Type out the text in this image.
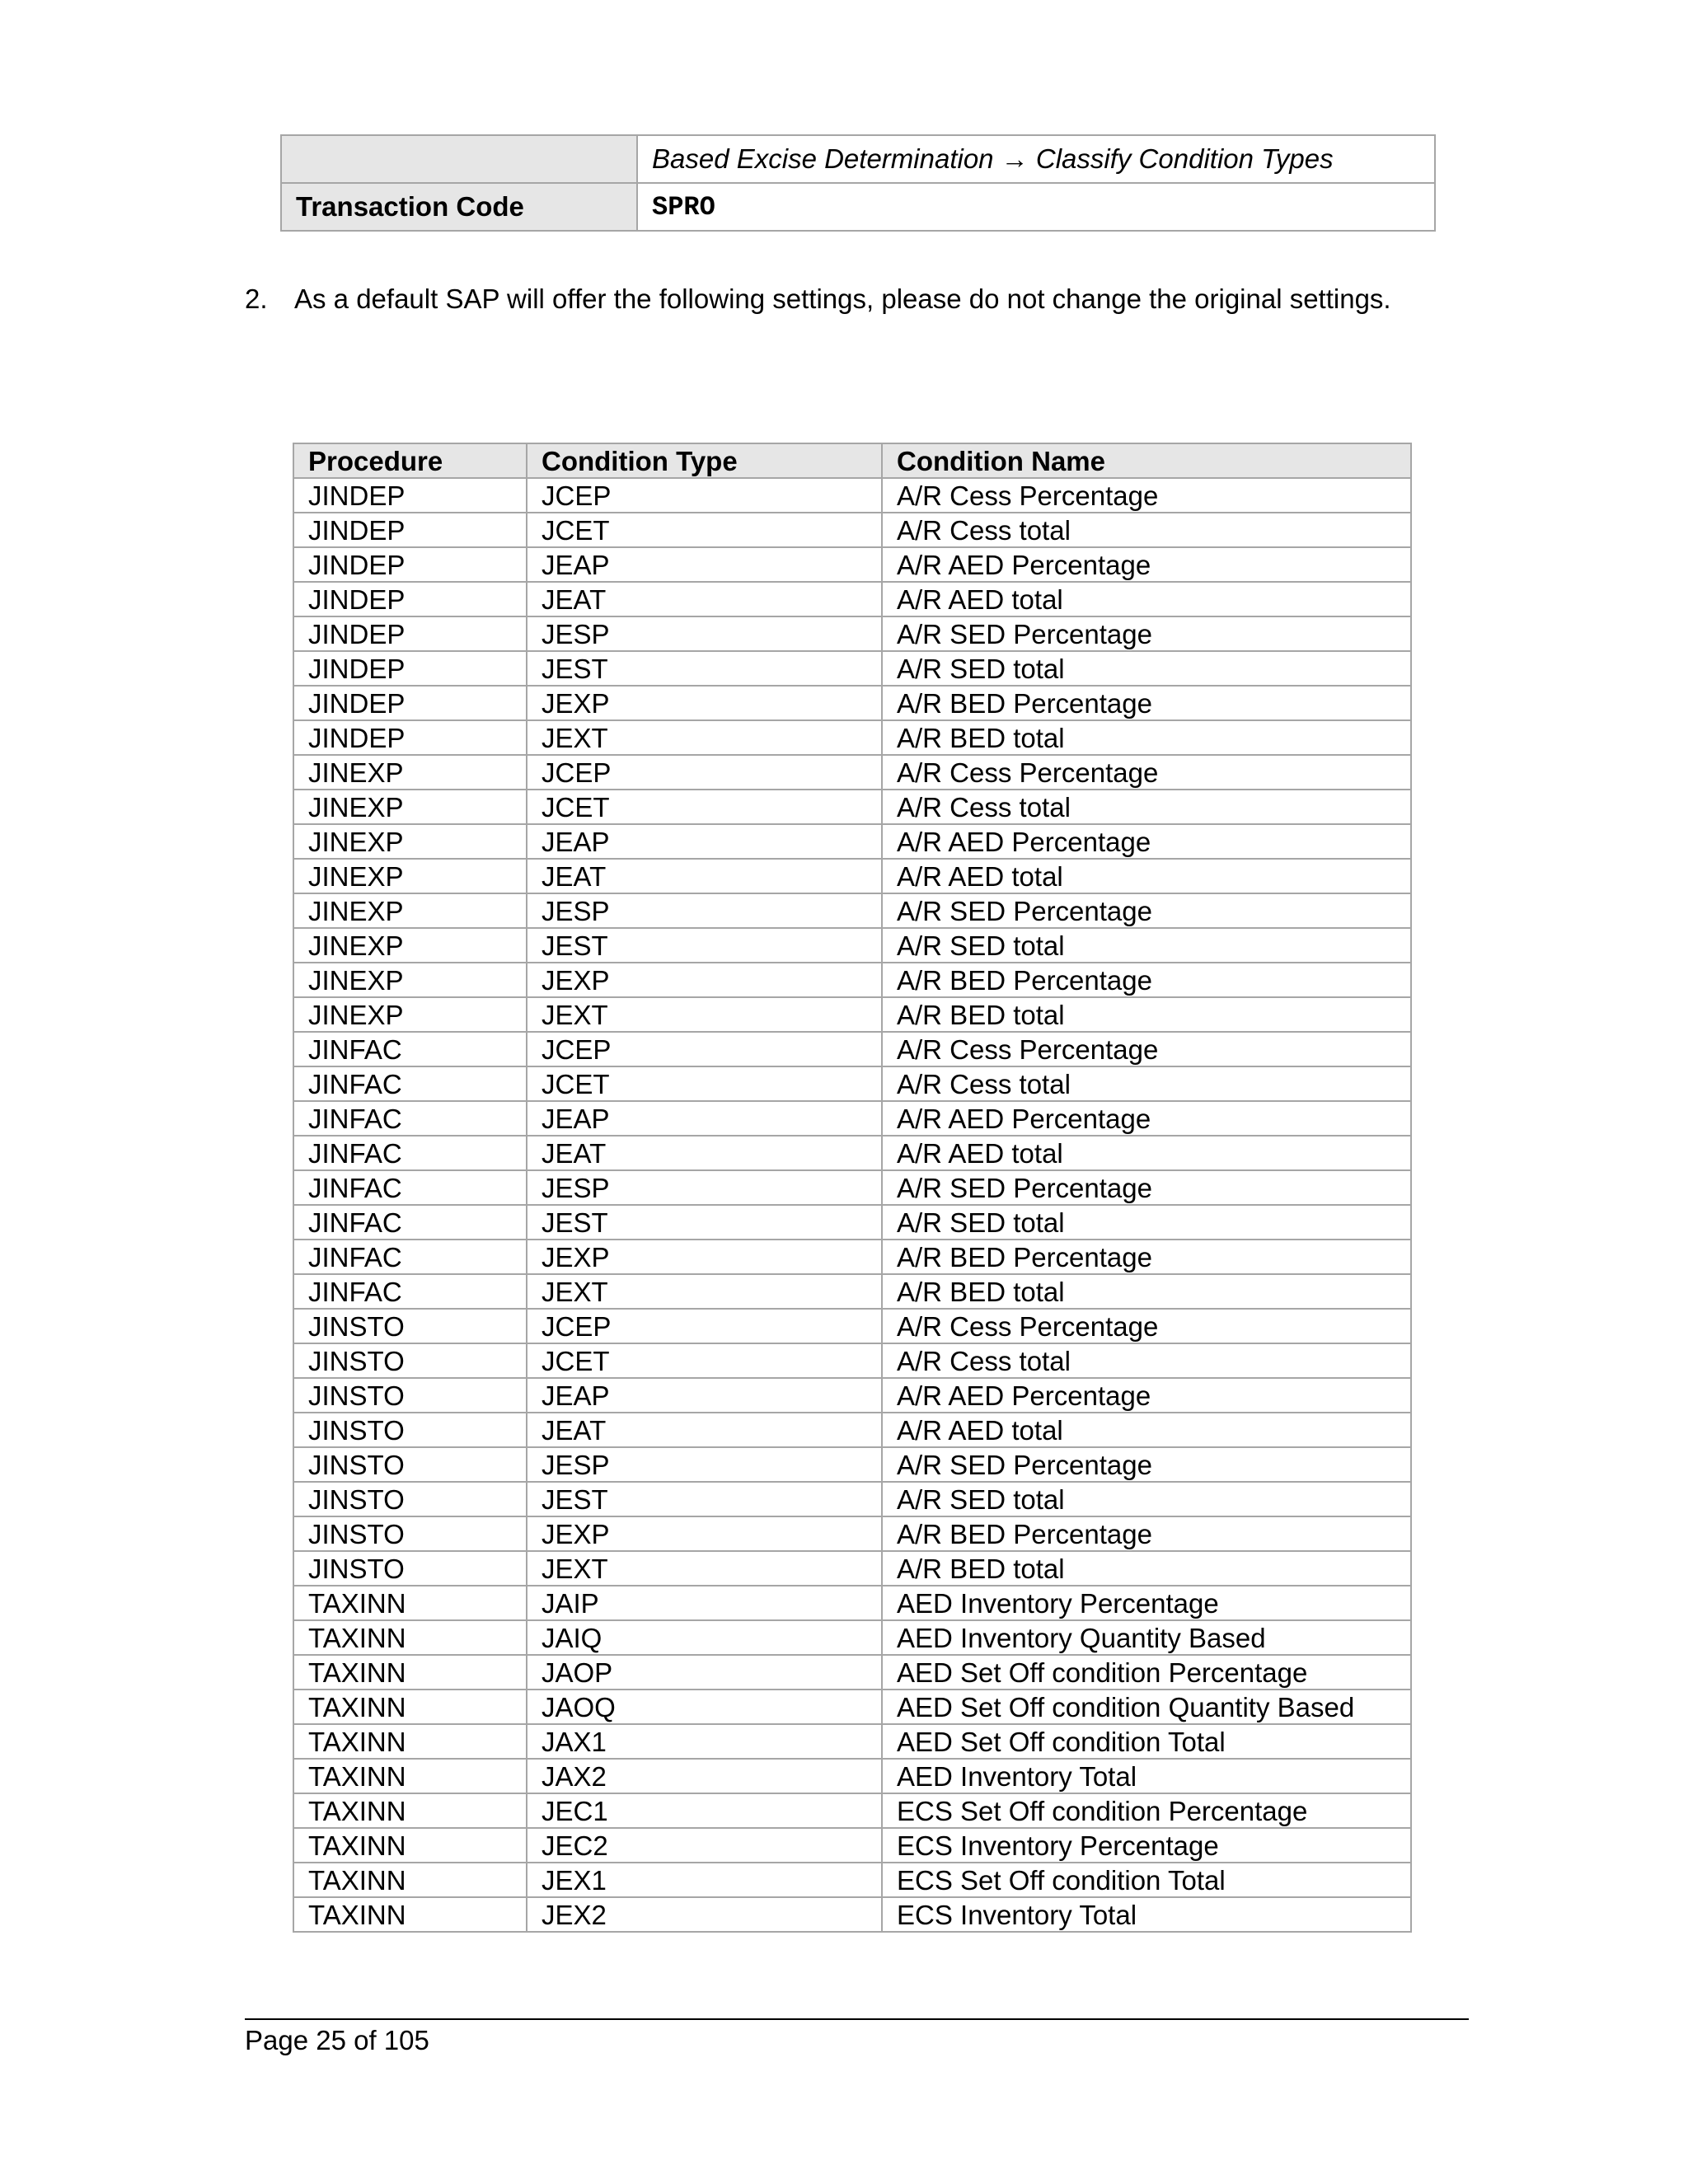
	Based Excise Determination → Classify Condition Types
Transaction Code	SPRO
2. As a default SAP will offer the following settings, please do not change the original settings.
Procedure	Condition Type	Condition Name
JINDEP	JCEP	A/R Cess Percentage
JINDEP	JCET	A/R Cess total
JINDEP	JEAP	A/R AED Percentage
JINDEP	JEAT	A/R AED total
JINDEP	JESP	A/R SED Percentage
JINDEP	JEST	A/R SED total
JINDEP	JEXP	A/R BED Percentage
JINDEP	JEXT	A/R BED total
JINEXP	JCEP	A/R Cess Percentage
JINEXP	JCET	A/R Cess total
JINEXP	JEAP	A/R AED Percentage
JINEXP	JEAT	A/R AED total
JINEXP	JESP	A/R SED Percentage
JINEXP	JEST	A/R SED total
JINEXP	JEXP	A/R BED Percentage
JINEXP	JEXT	A/R BED total
JINFAC	JCEP	A/R Cess Percentage
JINFAC	JCET	A/R Cess total
JINFAC	JEAP	A/R AED Percentage
JINFAC	JEAT	A/R AED total
JINFAC	JESP	A/R SED Percentage
JINFAC	JEST	A/R SED total
JINFAC	JEXP	A/R BED Percentage
JINFAC	JEXT	A/R BED total
JINSTO	JCEP	A/R Cess Percentage
JINSTO	JCET	A/R Cess total
JINSTO	JEAP	A/R AED Percentage
JINSTO	JEAT	A/R AED total
JINSTO	JESP	A/R SED Percentage
JINSTO	JEST	A/R SED total
JINSTO	JEXP	A/R BED Percentage
JINSTO	JEXT	A/R BED total
TAXINN	JAIP	AED Inventory Percentage
TAXINN	JAIQ	AED Inventory Quantity Based
TAXINN	JAOP	AED Set Off condition Percentage
TAXINN	JAOQ	AED Set Off condition Quantity Based
TAXINN	JAX1	AED Set Off condition Total
TAXINN	JAX2	AED Inventory Total
TAXINN	JEC1	ECS Set Off condition Percentage
TAXINN	JEC2	ECS Inventory Percentage
TAXINN	JEX1	ECS Set Off condition Total
TAXINN	JEX2	ECS Inventory Total
Page 25 of 105
